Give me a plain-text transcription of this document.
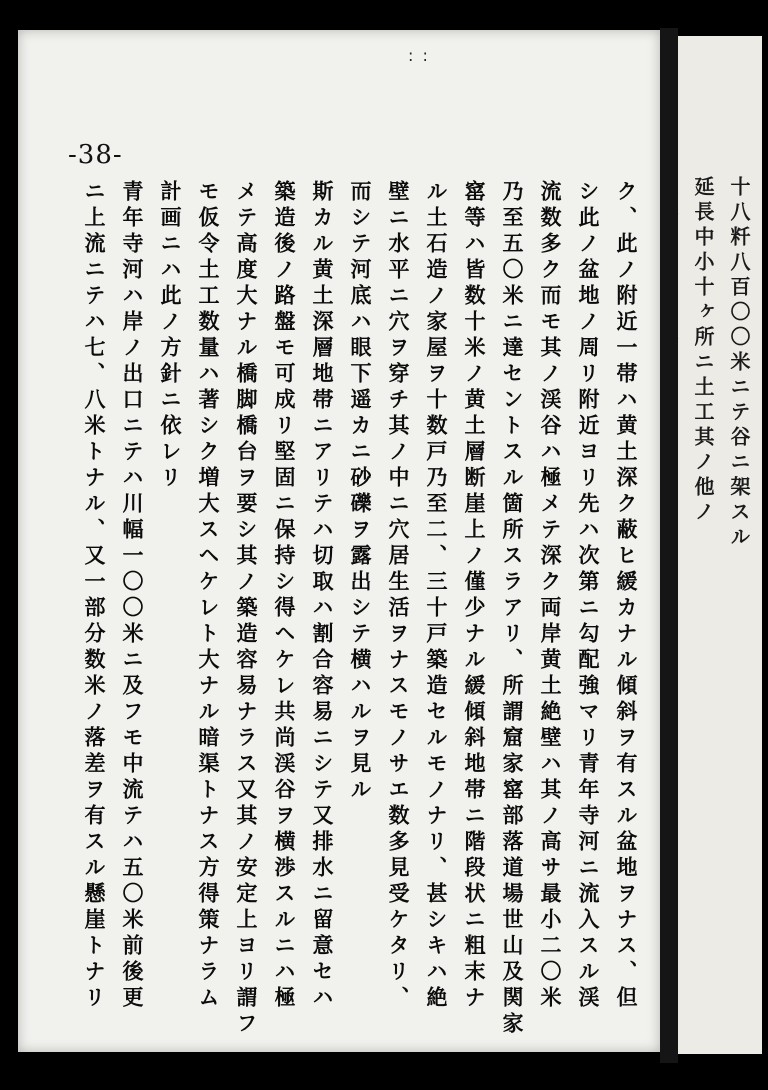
: :
-38-
ク、此ノ附近一帯ハ黄土深ク蔽ヒ緩カナル傾斜ヲ有スル盆地ヲナス、但
シ此ノ盆地ノ周リ附近ヨリ先ハ次第ニ勾配強マリ青年寺河ニ流入スル渓
流数多ク而モ其ノ渓谷ハ極メテ深ク両岸黄土絶壁ハ其ノ高サ最小二〇米
乃至五〇米ニ達セントスル箇所スラアリ、所謂窟家窰部落道場世山及関家
窰等ハ皆数十米ノ黄土層断崖上ノ僅少ナル緩傾斜地帯ニ階段状ニ粗末ナ
ル土石造ノ家屋ヲ十数戸乃至二、三十戸築造セルモノナリ、甚シキハ絶
壁ニ水平ニ穴ヲ穿チ其ノ中ニ穴居生活ヲナスモノサエ数多見受ケタリ、
而シテ河底ハ眼下遥カニ砂礫ヲ露出シテ横ハルヲ見ル
斯カル黄土深層地帯ニアリテハ切取ハ割合容易ニシテ又排水ニ留意セハ
築造後ノ路盤モ可成リ堅固ニ保持シ得ヘケレ共尚渓谷ヲ横渉スルニハ極
メテ高度大ナル橋脚橋台ヲ要シ其ノ築造容易ナラス又其ノ安定上ヨリ謂フ
モ仮令土工数量ハ著シク増大スヘケレト大ナル暗渠トナス方得策ナラム
計画ニハ此ノ方針ニ依レリ
青年寺河ハ岸ノ出口ニテハ川幅一〇〇米ニ及フモ中流テハ五〇米前後更
ニ上流ニテハ七、八米トナル、又一部分数米ノ落差ヲ有スル懸崖トナリ	十八粁八百〇〇米ニテ谷ニ架スル
延長中小十ヶ所ニ土工其ノ他ノ
